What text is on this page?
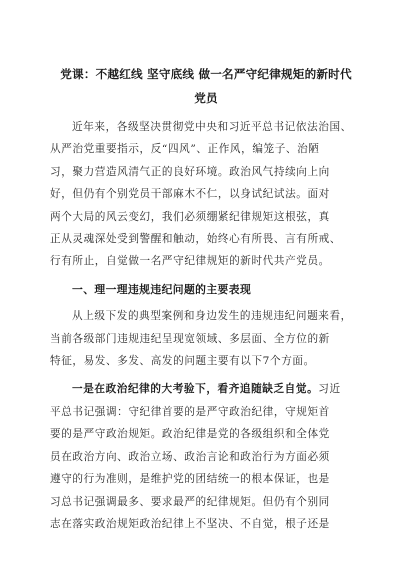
党课：不越红线 坚守底线 做一名严守纪律规矩的新时代
党员
近年来，各级坚决贯彻党中央和习近平总书记依法治国、
从严治党重要指示，反“四风”、正作风，编笼子、治陋
习，聚力营造风清气正的良好环境。政治风气持续向上向
好，但仍有个别党员干部麻木不仁，以身试纪试法。面对
两个大局的风云变幻，我们必须绷紧纪律规矩这根弦，真
正从灵魂深处受到警醒和触动，始终心有所畏、言有所戒、
行有所止，自觉做一名严守纪律规矩的新时代共产党员。
一、理一理违规违纪问题的主要表现
从上级下发的典型案例和身边发生的违规违纪问题来看，
当前各级部门违规违纪呈现宽领域、多层面、全方位的新
特征，易发、多发、高发的问题主要有以下7个方面。
一是在政治纪律的大考验下，看齐追随缺乏自觉。习近
平总书记强调：守纪律首要的是严守政治纪律，守规矩首
要的是严守政治规矩。政治纪律是党的各级组织和全体党
员在政治方向、政治立场、政治言论和政治行为方面必须
遵守的行为准则，是维护党的团结统一的根本保证，也是
习总书记强调最多、要求最严的纪律规矩。但仍有个别同
志在落实政治规矩政治纪律上不坚决、不自觉，根子还是
